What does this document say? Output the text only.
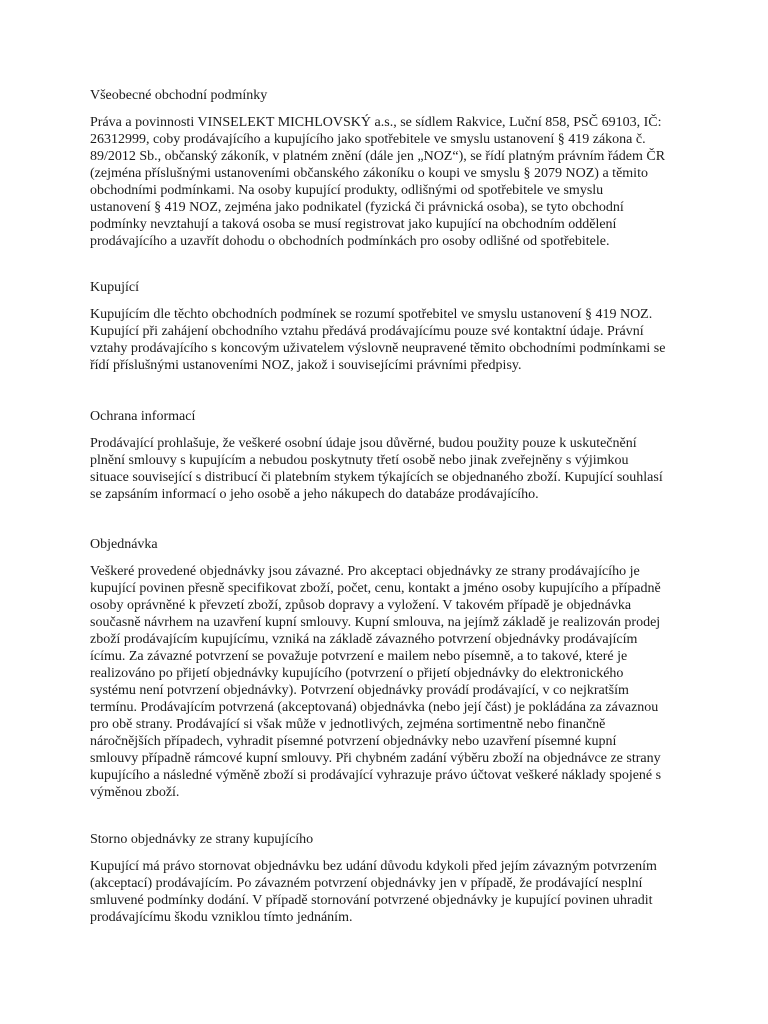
Všeobecné obchodní podmínky
Práva a povinnosti VINSELEKT MICHLOVSKÝ a.s., se sídlem Rakvice, Luční 858, PSČ 69103, IČ:
26312999, coby prodávajícího a kupujícího jako spotřebitele ve smyslu ustanovení § 419 zákona č.
89/2012 Sb., občanský zákoník, v platném znění (dále jen „NOZ“), se řídí platným právním řádem ČR
(zejména příslušnými ustanoveními občanského zákoníku o koupi ve smyslu § 2079 NOZ) a těmito
obchodními podmínkami. Na osoby kupující produkty, odlišnými od spotřebitele ve smyslu
ustanovení § 419 NOZ, zejména jako podnikatel (fyzická či právnická osoba), se tyto obchodní
podmínky nevztahují a taková osoba se musí registrovat jako kupující na obchodním oddělení
prodávajícího a uzavřít dohodu o obchodních podmínkách pro osoby odlišné od spotřebitele.
Kupující
Kupujícím dle těchto obchodních podmínek se rozumí spotřebitel ve smyslu ustanovení § 419 NOZ.
Kupující při zahájení obchodního vztahu předává prodávajícímu pouze své kontaktní údaje. Právní
vztahy prodávajícího s koncovým uživatelem výslovně neupravené těmito obchodními podmínkami se
řídí příslušnými ustanoveními NOZ, jakož i souvisejícími právními předpisy.
Ochrana informací
Prodávající prohlašuje, že veškeré osobní údaje jsou důvěrné, budou použity pouze k uskutečnění
plnění smlouvy s kupujícím a nebudou poskytnuty třetí osobě nebo jinak zveřejněny s výjimkou
situace související s distribucí či platebním stykem týkajících se objednaného zboží. Kupující souhlasí
se zapsáním informací o jeho osobě a jeho nákupech do databáze prodávajícího.
Objednávka
Veškeré provedené objednávky jsou závazné. Pro akceptaci objednávky ze strany prodávajícího je
kupující povinen přesně specifikovat zboží, počet, cenu, kontakt a jméno osoby kupujícího a případně
osoby oprávněné k převzetí zboží, způsob dopravy a vyložení. V takovém případě je objednávka
současně návrhem na uzavření kupní smlouvy. Kupní smlouva, na jejímž základě je realizován prodej
zboží prodávajícím kupujícímu, vzniká na základě závazného potvrzení objednávky prodávajícím
ícímu. Za závazné potvrzení se považuje potvrzení e mailem nebo písemně, a to takové, které je
realizováno po přijetí objednávky kupujícího (potvrzení o přijetí objednávky do elektronického
systému není potvrzení objednávky). Potvrzení objednávky provádí prodávající, v co nejkratším
termínu. Prodávajícím potvrzená (akceptovaná) objednávka (nebo její část) je pokládána za závaznou
pro obě strany. Prodávající si však může v jednotlivých, zejména sortimentně nebo finančně
náročnějších případech, vyhradit písemné potvrzení objednávky nebo uzavření písemné kupní
smlouvy případně rámcové kupní smlouvy. Při chybném zadání výběru zboží na objednávce ze strany
kupujícího a následné výměně zboží si prodávající vyhrazuje právo účtovat veškeré náklady spojené s
výměnou zboží.
Storno objednávky ze strany kupujícího
Kupující má právo stornovat objednávku bez udání důvodu kdykoli před jejím závazným potvrzením
(akceptací) prodávajícím. Po závazném potvrzení objednávky jen v případě, že prodávající nesplní
smluvené podmínky dodání. V případě stornování potvrzené objednávky je kupující povinen uhradit
prodávajícímu škodu vzniklou tímto jednáním.
